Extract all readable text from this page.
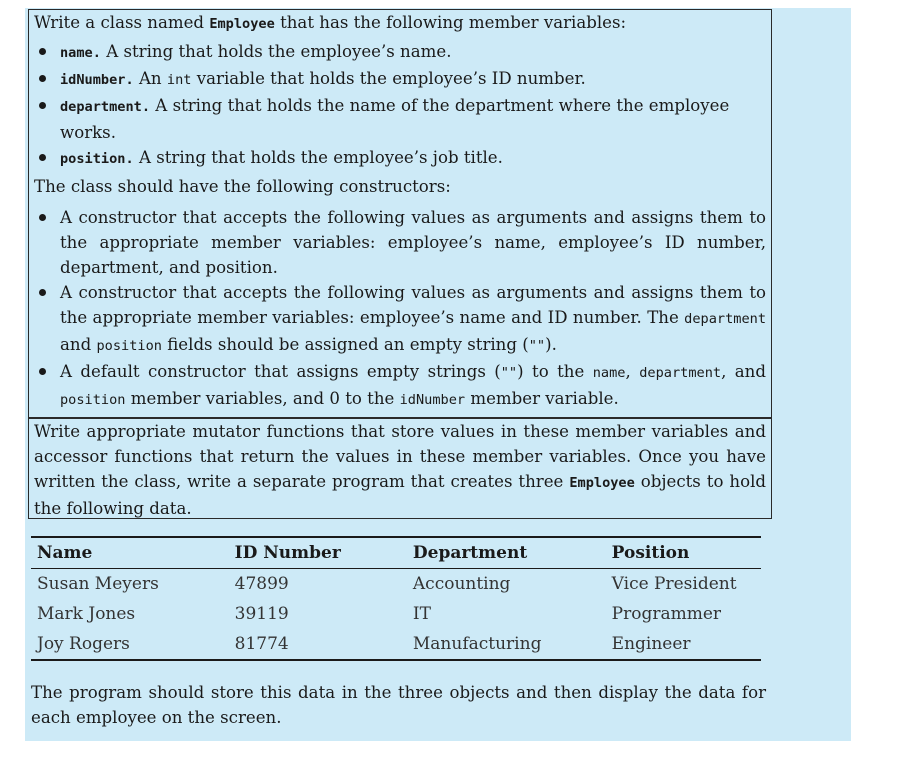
Write a class named Employee that has the following member variables:

name. A string that holds the employee’s name.
idNumber. An int variable that holds the employee’s ID number.
department. A string that holds the name of the department where the employee works.
position. A string that holds the employee’s job title.

The class should have the following constructors:

A constructor that accepts the following values as arguments and assigns them to the appropriate member variables: employee’s name, employee’s ID number, department, and position.
A constructor that accepts the following values as arguments and assigns them to the appropriate member variables: employee’s name and ID number. The department and position fields should be assigned an empty string ("").
A default constructor that assigns empty strings ("") to the name, department, and position member variables, and 0 to the idNumber member variable.

Write appropriate mutator functions that store values in these member variables and accessor functions that return the values in these member variables. Once you have written the class, write a separate program that creates three Employee objects to hold the following data.

Name	ID Number	Department	Position
Susan Meyers	47899	Accounting	Vice President
Mark Jones	39119	IT	Programmer
Joy Rogers	81774	Manufacturing	Engineer

The program should store this data in the three objects and then display the data for each employee on the screen.
